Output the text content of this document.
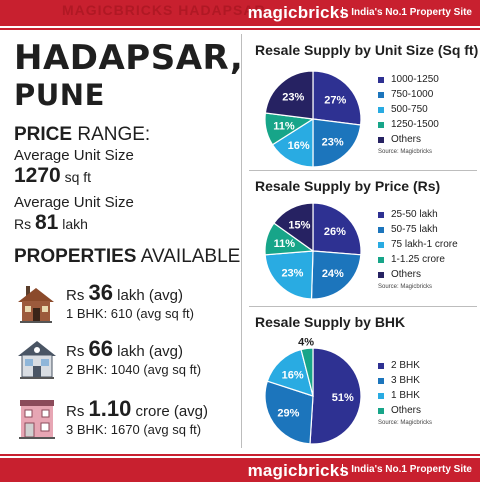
MAGICBRICKS HADAPSAR
magicbricks India's No.1 Property Site
HADAPSAR,
PUNE
PRICE RANGE:
Average Unit Size
1270 sq ft
Average Unit Size
Rs 81 lakh
PROPERTIES AVAILABLE
Rs 36 lakh (avg)
1 BHK: 610 (avg sq ft)
Rs 66 lakh (avg)
2 BHK: 1040 (avg sq ft)
Rs 1.10 crore (avg)
3 BHK: 1670 (avg sq ft)
Resale Supply by Unit Size (Sq ft)
27%
23%
16%
11%
23%
1000-1250
750-1000
500-750
1250-1500
Others
Source: Magicbricks
Resale Supply by Price (Rs)
26%
24%
23%
11%
15%
25-50 lakh
50-75 lakh
75 lakh-1 crore
1-1.25 crore
Others
Source: Magicbricks
Resale Supply by BHK
51%
29%
16%
4%
2 BHK
3 BHK
1 BHK
Others
Source: Magicbricks
magicbricks India's No.1 Property Site
